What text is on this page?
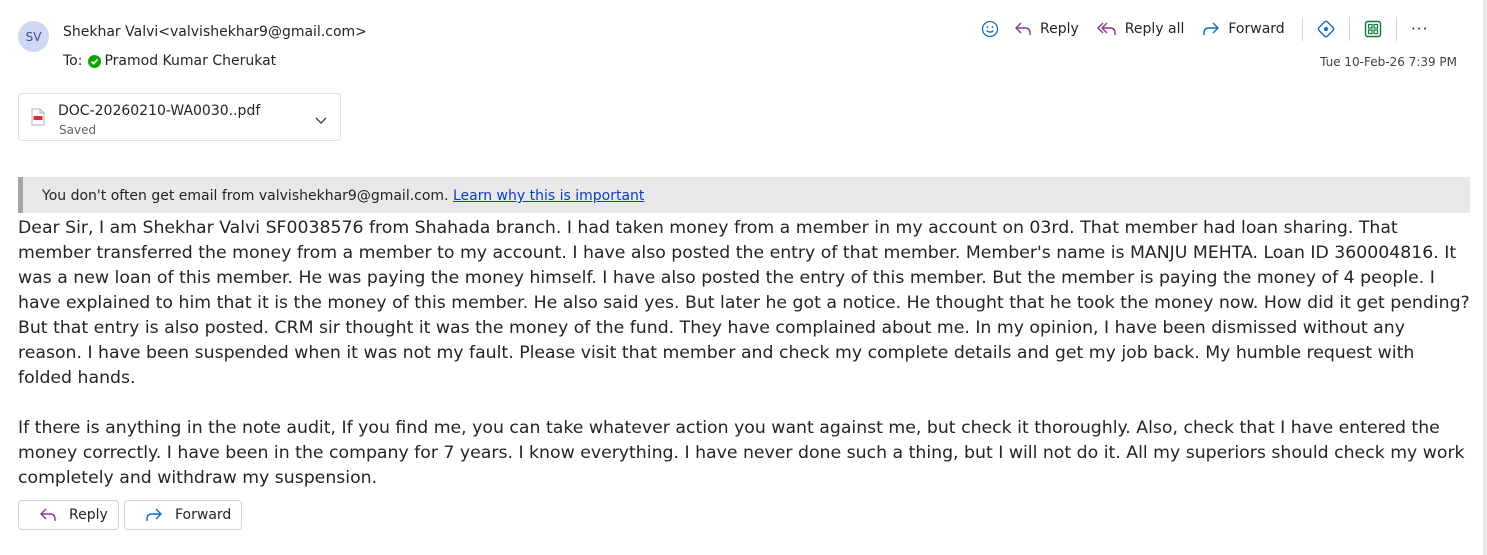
SV	Shekhar Valvi<valvishekhar9@gmail.com>
To: Pramod Kumar Cherukat
Reply	Reply all	Forward	···
Tue 10-Feb-26 7:39 PM
DOC-20260210-WA0030..pdf
Saved
You don't often get email from valvishekhar9@gmail.com. Learn why this is important

Dear Sir, I am Shekhar Valvi SF0038576 from Shahada branch. I had taken money from a member in my account on 03rd. That member had loan sharing. That member transferred the money from a member to my account. I have also posted the entry of that member. Member's name is MANJU MEHTA. Loan ID 360004816. It was a new loan of this member. He was paying the money himself. I have also posted the entry of this member. But the member is paying the money of 4 people. I have explained to him that it is the money of this member. He also said yes. But later he got a notice. He thought that he took the money now. How did it get pending? But that entry is also posted. CRM sir thought it was the money of the fund. They have complained about me. In my opinion, I have been dismissed without any reason. I have been suspended when it was not my fault. Please visit that member and check my complete details and get my job back. My humble request with folded hands.

If there is anything in the note audit, If you find me, you can take whatever action you want against me, but check it thoroughly. Also, check that I have entered the money correctly. I have been in the company for 7 years. I know everything. I have never done such a thing, but I will not do it. All my superiors should check my work completely and withdraw my suspension.

Reply	Forward
